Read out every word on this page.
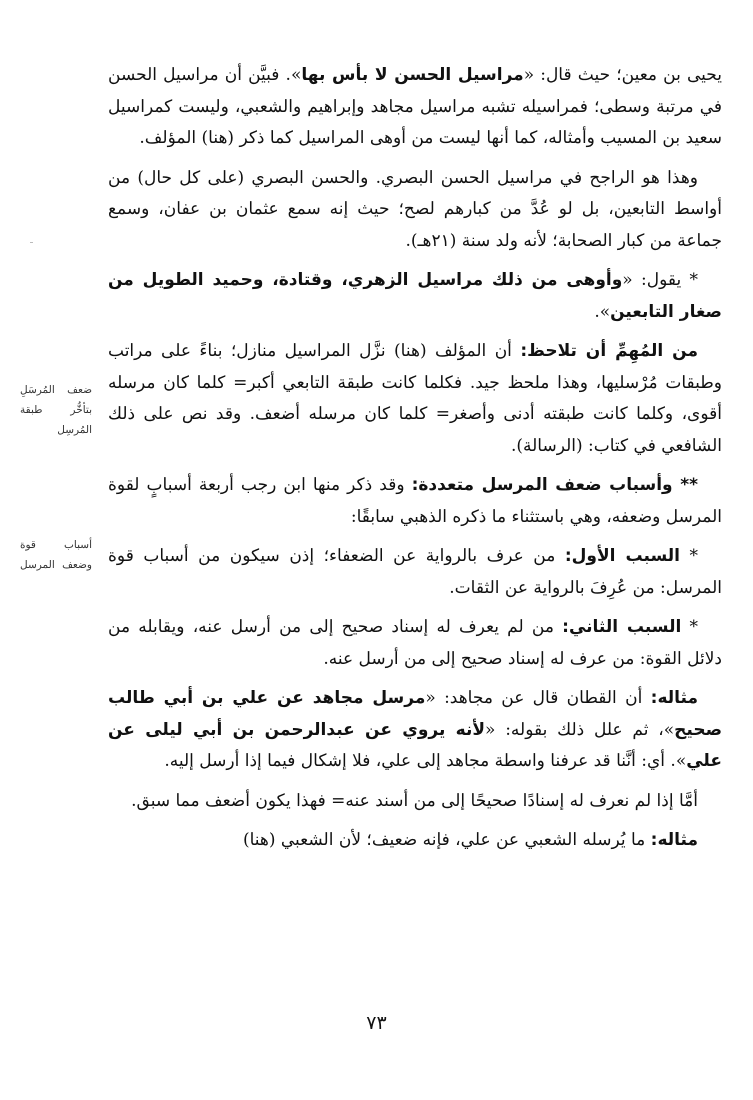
يحيى بن معين؛ حيث قال: «مراسيل الحسن لا بأس بها». فبيَّن أن مراسيل الحسن في مرتبة وسطى؛ فمراسيله تشبه مراسيل مجاهد وإبراهيم والشعبي، وليست كمراسيل سعيد بن المسيب وأمثاله، كما أنها ليست من أوهى المراسيل كما ذكر (هنا) المؤلف.

وهذا هو الراجح في مراسيل الحسن البصري. والحسن البصري (على كل حال) من أواسط التابعين، بل لو عُدَّ من كبارهم لصح؛ حيث إنه سمع عثمان بن عفان، وسمع جماعة من كبار الصحابة؛ لأنه ولد سنة (٢١هـ).

* يقول: «وأوهى من ذلك مراسيل الزهري، وقتادة، وحميد الطويل من صغار التابعين».

من المُهِمِّ أن تلاحظ: أن المؤلف (هنا) نزَّل المراسيل منازل؛ بناءً على مراتب وطبقات مُرْسليها، وهذا ملحظ جيد. فكلما كانت طبقة التابعي أكبر= كلما كان مرسله أقوى، وكلما كانت طبقته أدنى وأصغر= كلما كان مرسله أضعف. وقد نص على ذلك الشافعي في كتاب: (الرسالة).

** وأسباب ضعف المرسل متعددة: وقد ذكر منها ابن رجب أربعة أسبابٍ لقوة المرسل وضعفه، وهي باستثناء ما ذكره الذهبي سابقًا:

* السبب الأول: من عرف بالرواية عن الضعفاء؛ إذن سيكون من أسباب قوة المرسل: من عُرِفَ بالرواية عن الثقات.

* السبب الثاني: من لم يعرف له إسناد صحيح إلى من أرسل عنه، ويقابله من دلائل القوة: من عرف له إسناد صحيح إلى من أرسل عنه.

مثاله: أن القطان قال عن مجاهد: «مرسل مجاهد عن علي بن أبي طالب صحيح»، ثم علل ذلك بقوله: «لأنه يروي عن عبدالرحمن بن أبي ليلى عن علي». أي: أنَّنا قد عرفنا واسطة مجاهد إلى علي، فلا إشكال فيما إذا أرسل إليه.

أمَّا إذا لم نعرف له إسنادًا صحيحًا إلى من أسند عنه= فهذا يكون أضعف مما سبق.

مثاله: ما يُرسله الشعبي عن علي، فإنه ضعيف؛ لأن الشعبي (هنا)

ضعف المُرسَلِ بتأخُّر طبقة المُرسِل
أسباب قوة وضعف المرسل
٧٣
